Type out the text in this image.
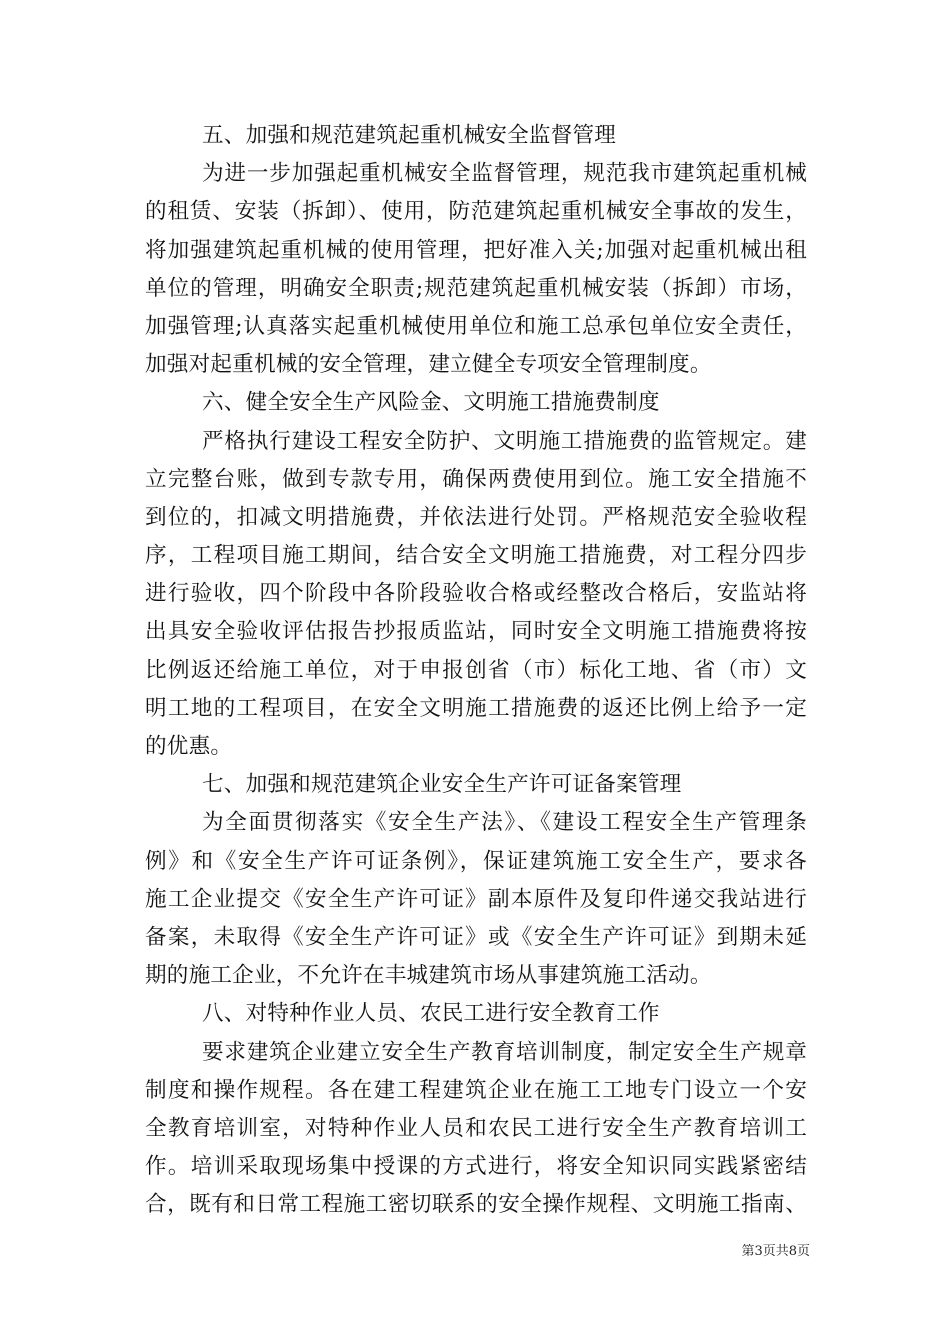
五、加强和规范建筑起重机械安全监督管理
为进一步加强起重机械安全监督管理，规范我市建筑起重机械
的租赁、安装（拆卸）、使用，防范建筑起重机械安全事故的发生，
将加强建筑起重机械的使用管理，把好准入关;加强对起重机械出租
单位的管理，明确安全职责;规范建筑起重机械安装（拆卸）市场，
加强管理;认真落实起重机械使用单位和施工总承包单位安全责任，
加强对起重机械的安全管理，建立健全专项安全管理制度。
六、健全安全生产风险金、文明施工措施费制度
严格执行建设工程安全防护、文明施工措施费的监管规定。建
立完整台账，做到专款专用，确保两费使用到位。施工安全措施不
到位的，扣减文明措施费，并依法进行处罚。严格规范安全验收程
序，工程项目施工期间，结合安全文明施工措施费，对工程分四步
进行验收，四个阶段中各阶段验收合格或经整改合格后，安监站将
出具安全验收评估报告抄报质监站，同时安全文明施工措施费将按
比例返还给施工单位，对于申报创省（市）标化工地、省（市）文
明工地的工程项目，在安全文明施工措施费的返还比例上给予一定
的优惠。
七、加强和规范建筑企业安全生产许可证备案管理
为全面贯彻落实《安全生产法》、《建设工程安全生产管理条
例》和《安全生产许可证条例》，保证建筑施工安全生产，要求各
施工企业提交《安全生产许可证》副本原件及复印件递交我站进行
备案，未取得《安全生产许可证》或《安全生产许可证》到期未延
期的施工企业，不允许在丰城建筑市场从事建筑施工活动。
八、对特种作业人员、农民工进行安全教育工作
要求建筑企业建立安全生产教育培训制度，制定安全生产规章
制度和操作规程。各在建工程建筑企业在施工工地专门设立一个安
全教育培训室，对特种作业人员和农民工进行安全生产教育培训工
作。培训采取现场集中授课的方式进行，将安全知识同实践紧密结
合，既有和日常工程施工密切联系的安全操作规程、文明施工指南、
第3页共8页
